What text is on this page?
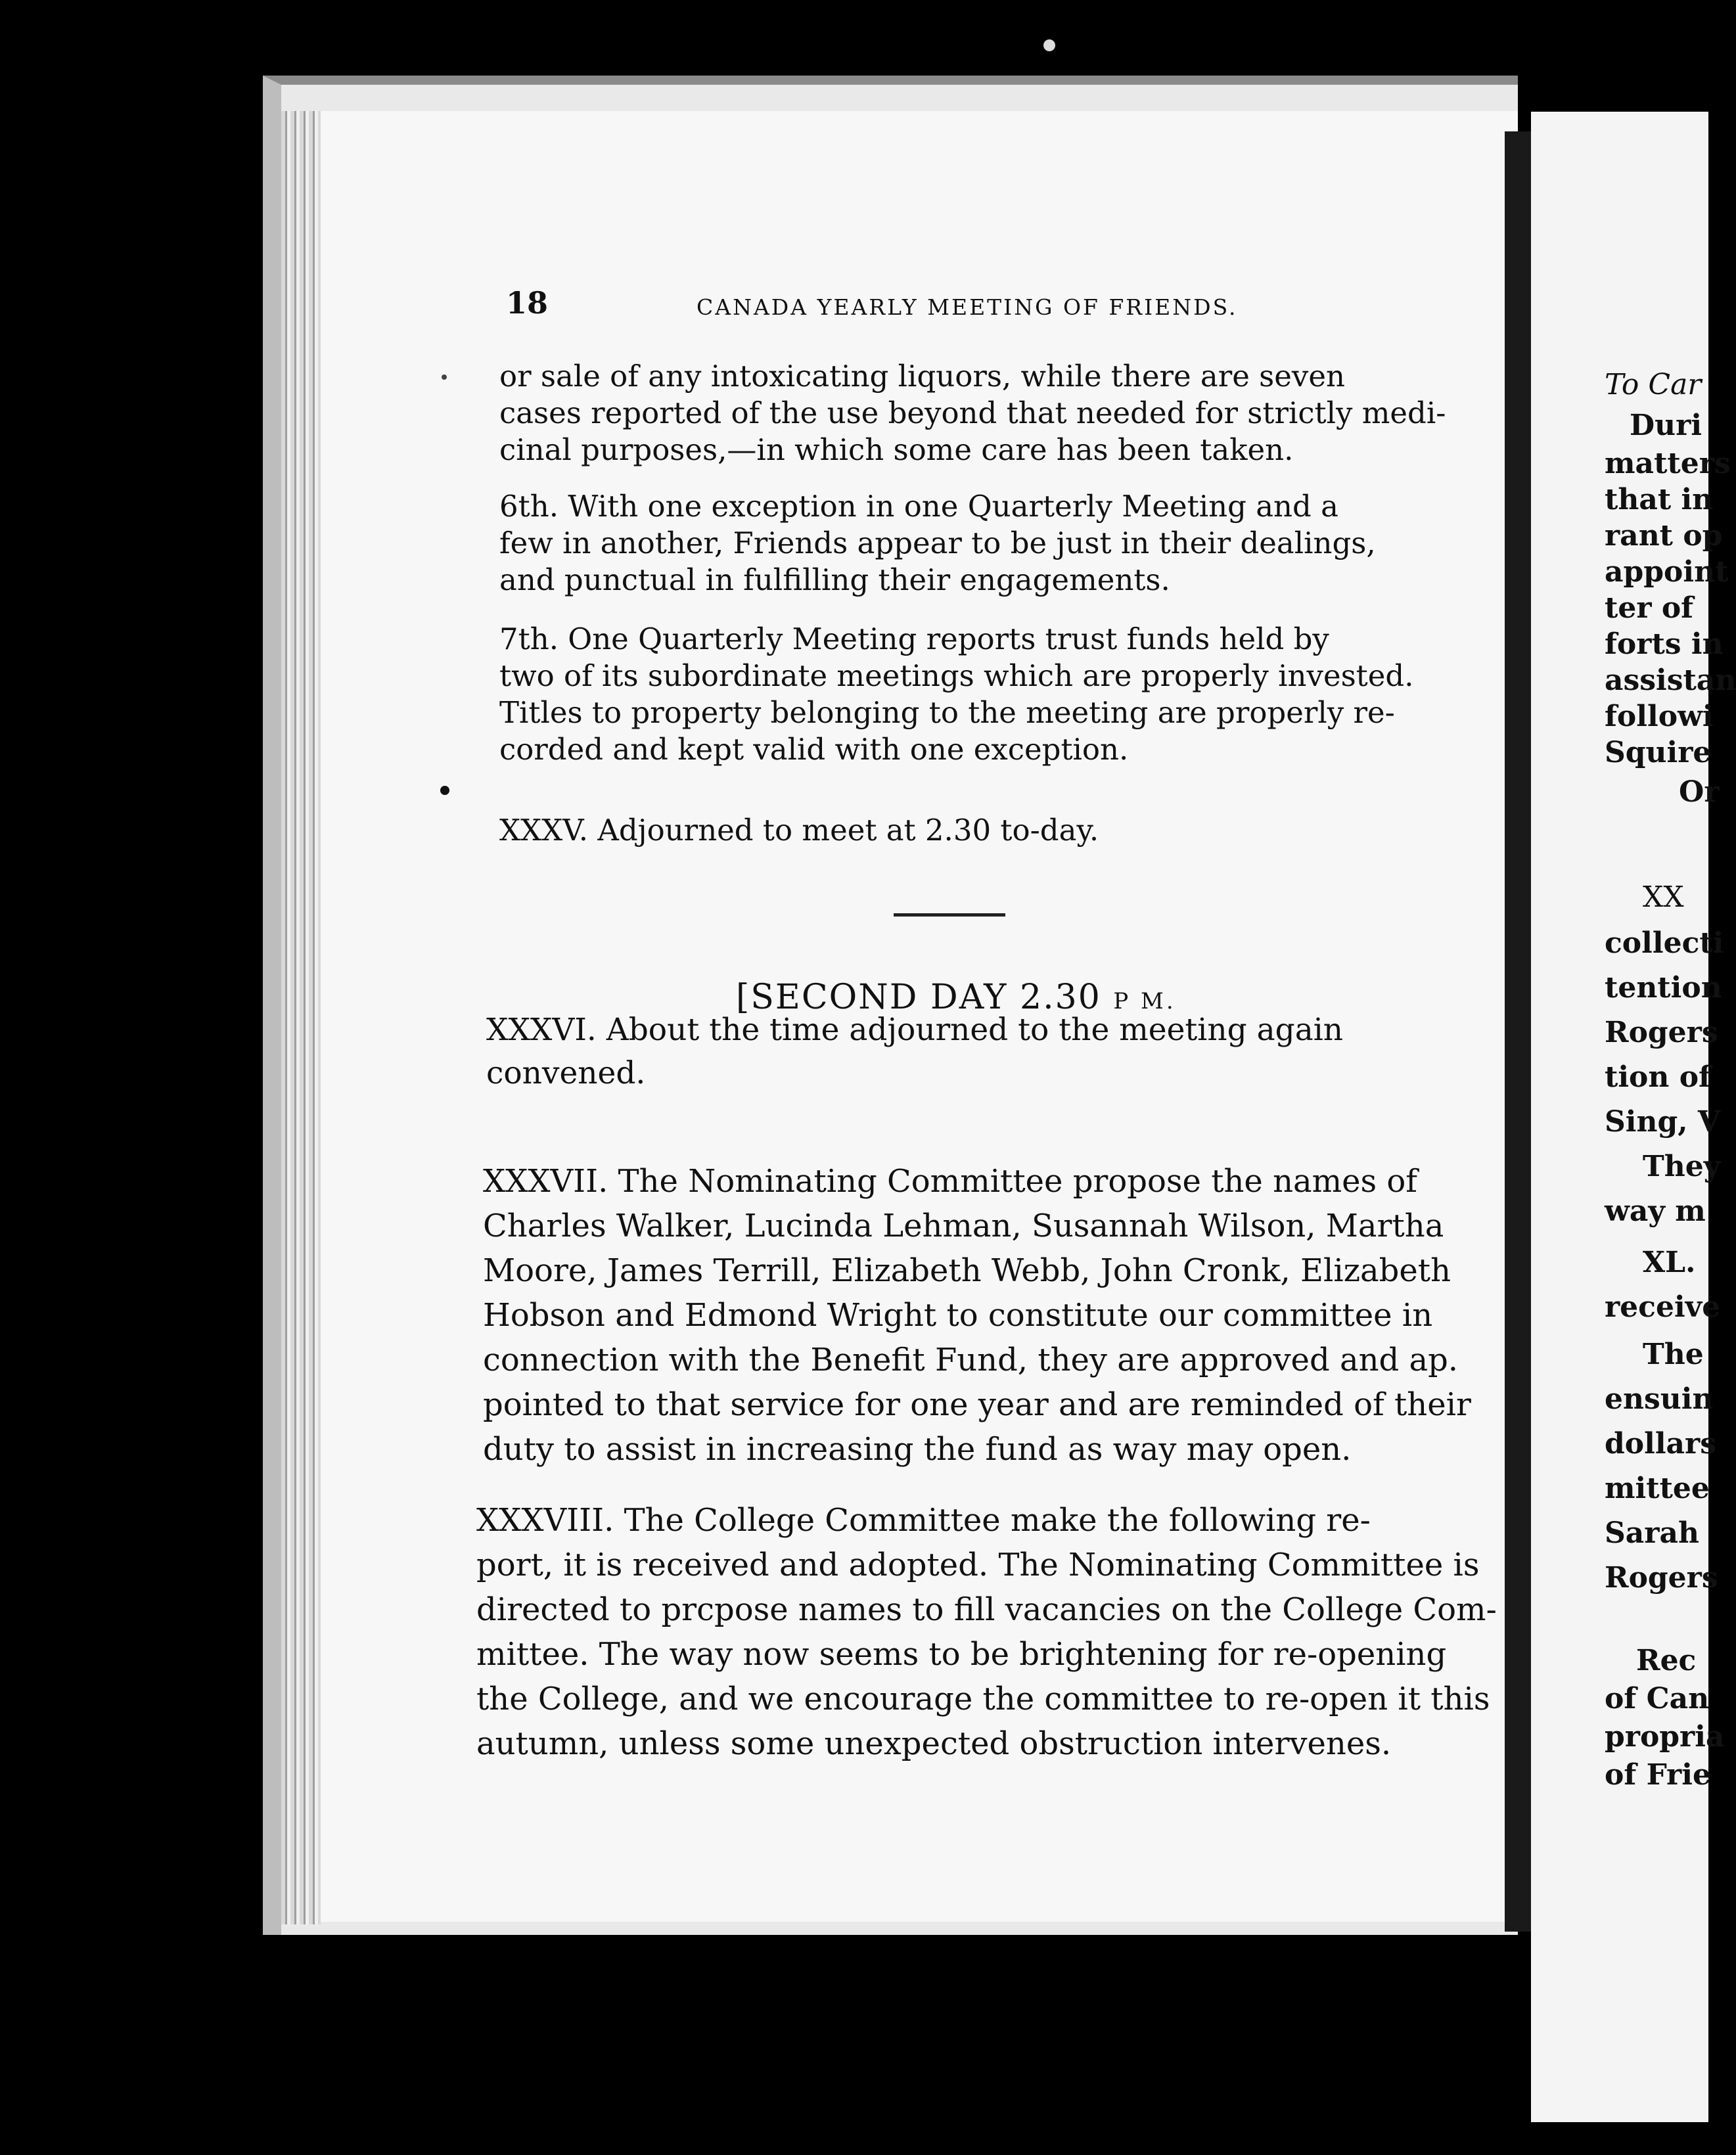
18	CANADA YEARLY MEETING OF FRIENDS.
or sale of any intoxicating liquors, while there are seven
cases reported of the use beyond that needed for strictly medi-
cinal purposes,—in which some care has been taken.
6th. With one exception in one Quarterly Meeting and a
few in another, Friends appear to be just in their dealings,
and punctual in fulfilling their engagements.
7th. One Quarterly Meeting reports trust funds held by
two of its subordinate meetings which are properly invested.
Titles to property belonging to the meeting are properly re-
corded and kept valid with one exception.
XXXV. Adjourned to meet at 2.30 to-day.
[SECOND DAY 2.30 P M.
XXXVI. About the time adjourned to the meeting again
convened.
XXXVII. The Nominating Committee propose the names of
Charles Walker, Lucinda Lehman, Susannah Wilson, Martha
Moore, James Terrill, Elizabeth Webb, John Cronk, Elizabeth
Hobson and Edmond Wright to constitute our committee in
connection with the Benefit Fund, they are approved and ap.
pointed to that service for one year and are reminded of their
duty to assist in increasing the fund as way may open.
XXXVIII. The College Committee make the following re-
port, it is received and adopted. The Nominating Committee is
directed to prcpose names to fill vacancies on the College Com-
mittee. The way now seems to be brightening for re-opening
the College, and we encourage the committee to re-open it this
autumn, unless some unexpected obstruction intervenes.
To Car
Duri
matters
that in
rant op
appoint
ter of
forts in
assistan
followi
Squire
Or
XX
collecti
tention
Rogers
tion of
Sing, V
They
way m
XL.
receive
The
ensuin
dollars
mittee
Sarah
Rogers
Rec
of Can
propria
of Frie
